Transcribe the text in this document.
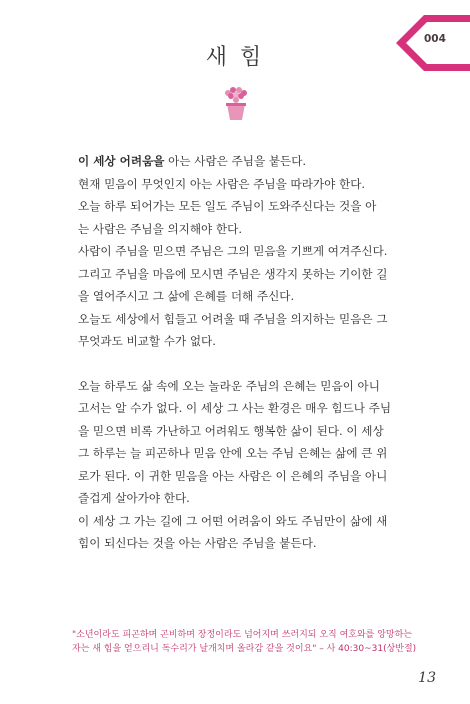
004
새 힘

이 세상 어려움을 아는 사람은 주님을 붙든다.

현재 믿음이 무엇인지 아는 사람은 주님을 따라가야 한다.

오늘 하루 되어가는 모든 일도 주님이 도와주신다는 것을 아

는 사람은 주님을 의지해야 한다.

사람이 주님을 믿으면 주님은 그의 믿음을 기쁘게 여겨주신다.

그리고 주님을 마음에 모시면 주님은 생각지 못하는 기이한 길

을 열어주시고 그 삶에 은혜를 더해 주신다.

오늘도 세상에서 힘들고 어려울 때 주님을 의지하는 믿음은 그

무엇과도 비교할 수가 없다.

오늘 하루도 삶 속에 오는 놀라운 주님의 은혜는 믿음이 아니

고서는 알 수가 없다. 이 세상 그 사는 환경은 매우 힘드나 주님

을 믿으면 비록 가난하고 어려워도 행복한 삶이 된다. 이 세상

그 하루는 늘 피곤하나 믿음 안에 오는 주님 은혜는 삶에 큰 위

로가 된다. 이 귀한 믿음을 아는 사람은 이 은혜의 주님을 아니

즐겁게 살아가야 한다.

이 세상 그 가는 길에 그 어떤 어려움이 와도 주님만이 삶에 새

힘이 되신다는 것을 아는 사람은 주님을 붙든다.

"소년이라도 피곤하며 곤비하며 장정이라도 넘어지며 쓰러지되 오직 여호와를 앙망하는

자는 새 힘을 얻으리니 독수리가 날개치며 올라감 같을 것이요" – 사 40:30~31(상반절)

13
